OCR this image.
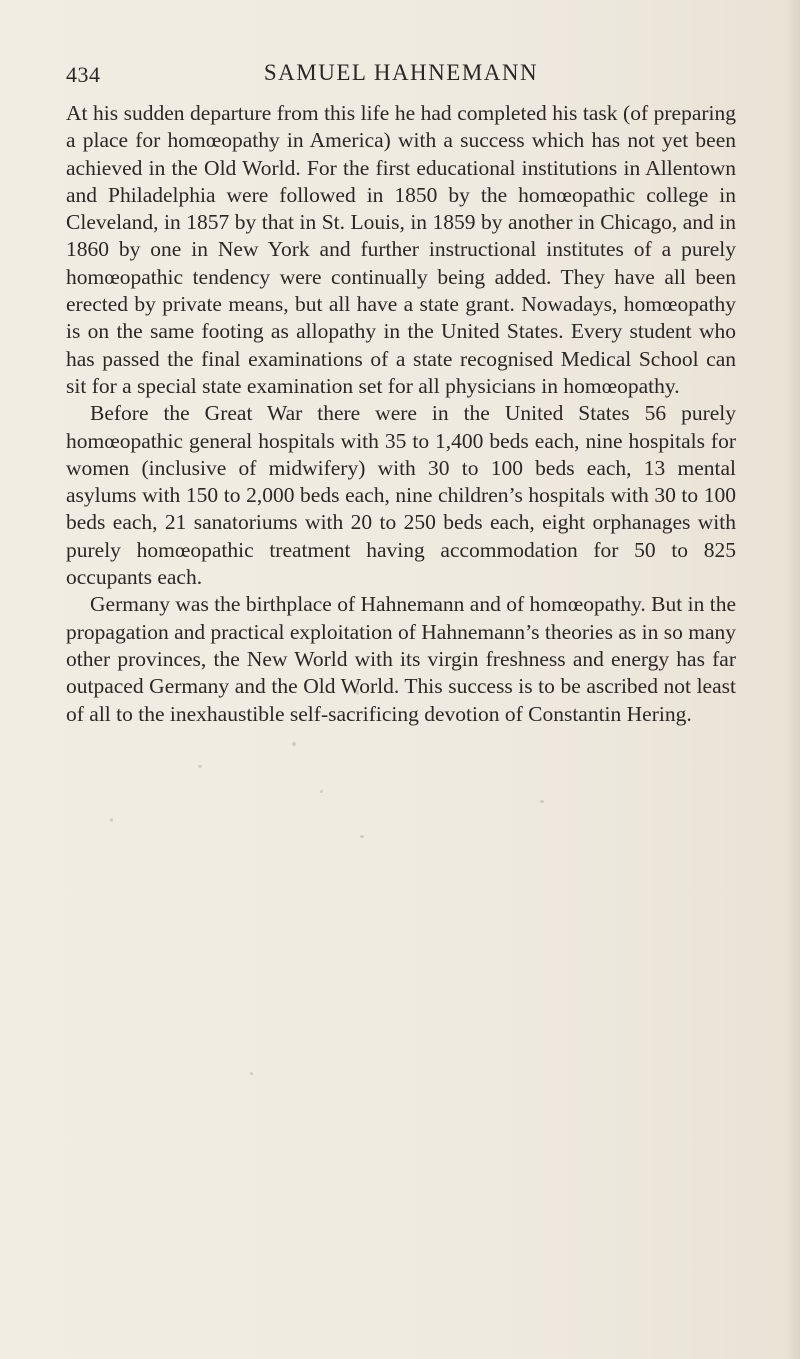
434	SAMUEL HAHNEMANN

At his sudden departure from this life he had completed his task (of preparing a place for homœopathy in America) with a success which has not yet been achieved in the Old World. For the first educational institutions in Allentown and Philadelphia were followed in 1850 by the homœopathic college in Cleveland, in 1857 by that in St. Louis, in 1859 by another in Chicago, and in 1860 by one in New York and further instructional institutes of a purely homœopathic tendency were continually being added. They have all been erected by private means, but all have a state grant. Nowadays, homœopathy is on the same footing as allopathy in the United States. Every student who has passed the final examinations of a state recognised Medical School can sit for a special state examination set for all physicians in homœopathy.

Before the Great War there were in the United States 56 purely homœopathic general hospitals with 35 to 1,400 beds each, nine hospitals for women (inclusive of midwifery) with 30 to 100 beds each, 13 mental asylums with 150 to 2,000 beds each, nine children’s hospitals with 30 to 100 beds each, 21 sanatoriums with 20 to 250 beds each, eight orphanages with purely homœopathic treatment having accommodation for 50 to 825 occupants each.

Germany was the birthplace of Hahnemann and of homœopathy. But in the propagation and practical exploitation of Hahnemann’s theories as in so many other provinces, the New World with its virgin freshness and energy has far outpaced Germany and the Old World. This success is to be ascribed not least of all to the inexhaustible self-sacrificing devotion of Constantin Hering.
